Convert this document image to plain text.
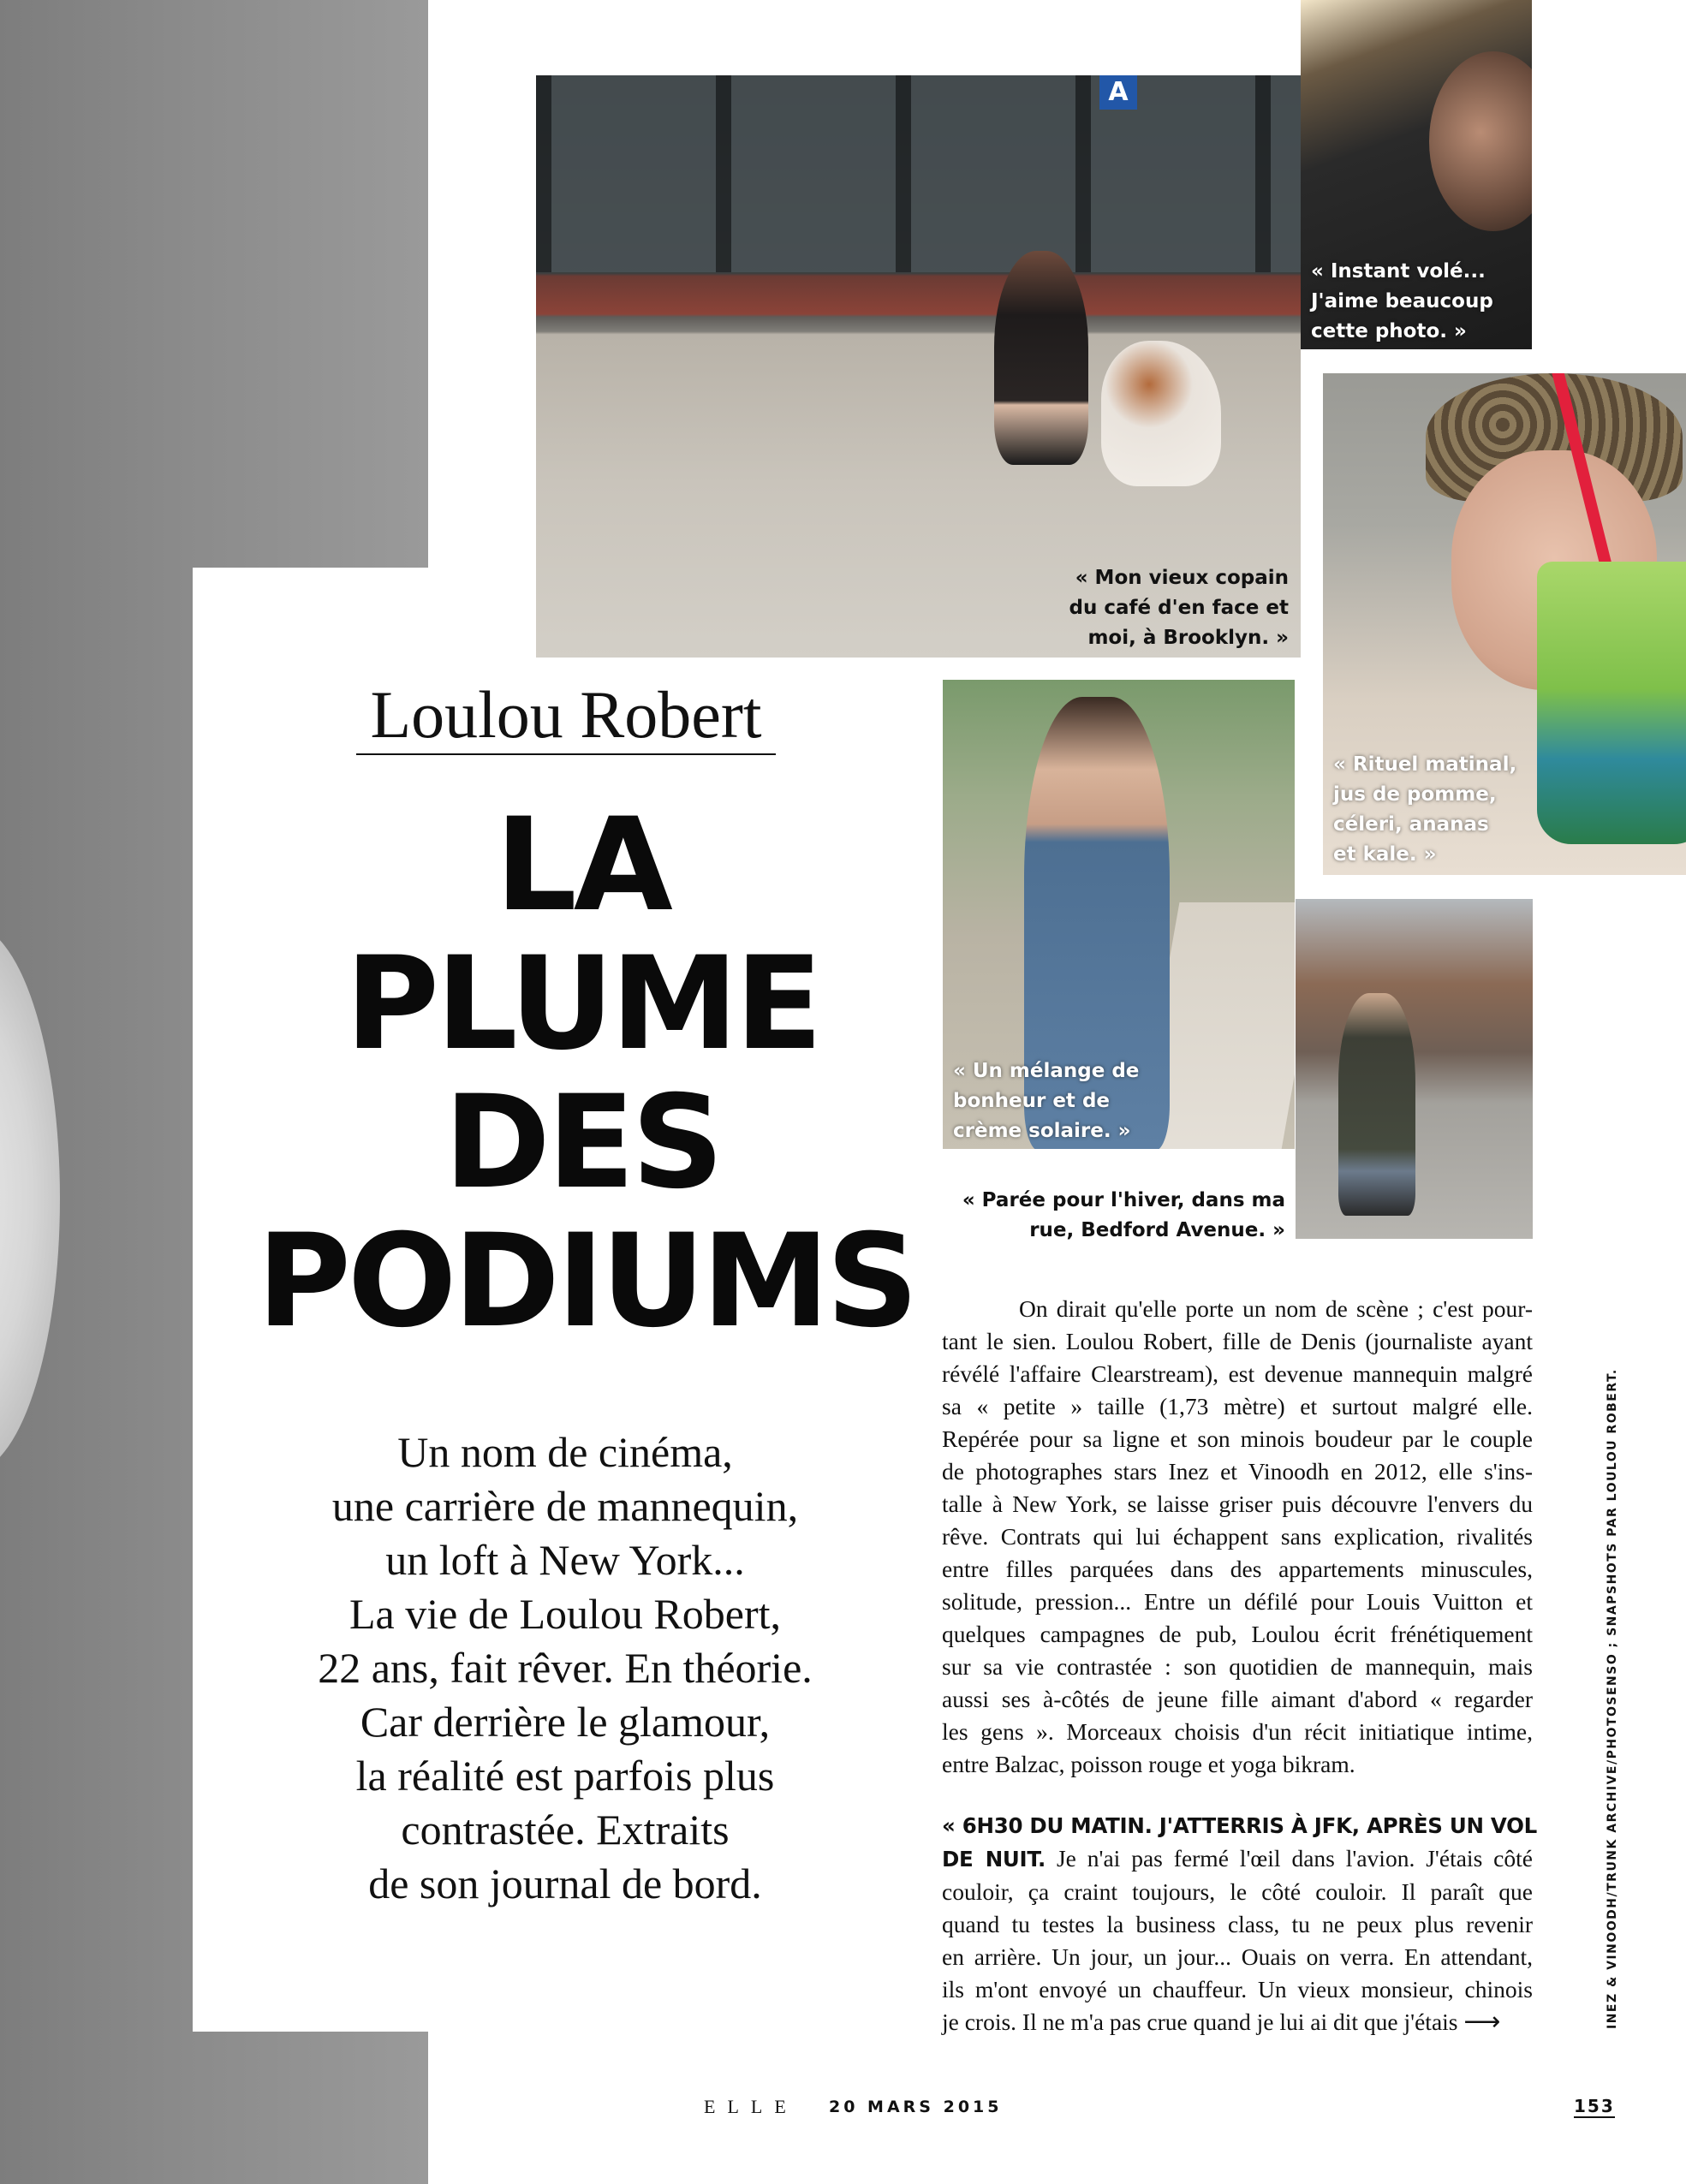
A
« Mon vieux copain
du café d'en face et
moi, à Brooklyn. »
« Instant volé...
J'aime beaucoup
cette photo. »
« Rituel matinal,
jus de pomme,
céleri, ananas
et kale. »
« Un mélange de
bonheur et de
crème solaire. »
« Parée pour l'hiver, dans ma
rue, Bedford Avenue. »
Loulou Robert
LA
PLUME
DES
PODIUMS
Un nom de cinéma,
une carrière de mannequin,
un loft à New York...
La vie de Loulou Robert,
22 ans, fait rêver. En théorie.
Car derrière le glamour,
la réalité est parfois plus
contrastée. Extraits
de son journal de bord.
On dirait qu'elle porte un nom de scène ; c'est pour-
tant le sien. Loulou Robert, fille de Denis (journaliste ayant
révélé l'affaire Clearstream), est devenue mannequin malgré
sa « petite » taille (1,73 mètre) et surtout malgré elle.
Repérée pour sa ligne et son minois boudeur par le couple
de photographes stars Inez et Vinoodh en 2012, elle s'ins-
talle à New York, se laisse griser puis découvre l'envers du
rêve. Contrats qui lui échappent sans explication, rivalités
entre filles parquées dans des appartements minuscules,
solitude, pression... Entre un défilé pour Louis Vuitton et
quelques campagnes de pub, Loulou écrit frénétiquement
sur sa vie contrastée : son quotidien de mannequin, mais
aussi ses à-côtés de jeune fille aimant d'abord « regarder
les gens ». Morceaux choisis d'un récit initiatique intime,
entre Balzac, poisson rouge et yoga bikram.
« 6H30 DU MATIN. J'ATTERRIS À JFK, APRÈS UN VOL
DE NUIT. Je n'ai pas fermé l'œil dans l'avion. J'étais côté
couloir, ça craint toujours, le côté couloir. Il paraît que
quand tu testes la business class, tu ne peux plus revenir
en arrière. Un jour, un jour... Ouais on verra. En attendant,
ils m'ont envoyé un chauffeur. Un vieux monsieur, chinois
je crois. Il ne m'a pas crue quand je lui ai dit que j'étais ⟶	INEZ & VINOODH/TRUNK ARCHIVE/PHOTOSENSO ; SNAPSHOTS PAR LOULOU ROBERT.
ELLE 20 MARS 2015	153
